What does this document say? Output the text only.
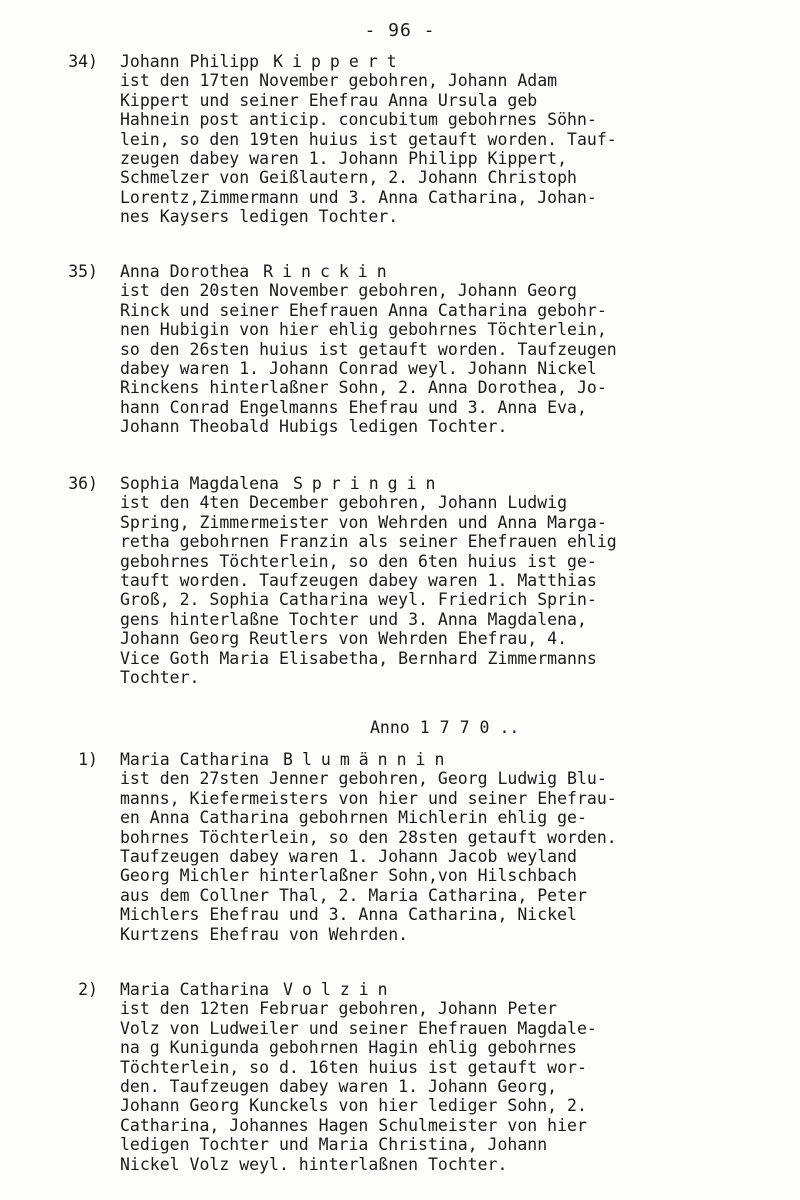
- 96 -
34) Johann Philipp Kippert
ist den 17ten November gebohren, Johann Adam
Kippert und seiner Ehefrau Anna Ursula geb
Hahnein post anticip. concubitum gebohrnes Söhn-
lein, so den 19ten huius ist getauft worden. Tauf-
zeugen dabey waren 1. Johann Philipp Kippert,
Schmelzer von Geißlautern, 2. Johann Christoph
Lorentz,Zimmermann und 3. Anna Catharina, Johan-
nes Kaysers ledigen Tochter.
35) Anna Dorothea Rinckin
ist den 20sten November gebohren, Johann Georg
Rinck und seiner Ehefrauen Anna Catharina gebohr-
nen Hubigin von hier ehlig gebohrnes Töchterlein,
so den 26sten huius ist getauft worden. Taufzeugen
dabey waren 1. Johann Conrad weyl. Johann Nickel
Rinckens hinterlaßner Sohn, 2. Anna Dorothea, Jo-
hann Conrad Engelmanns Ehefrau und 3. Anna Eva,
Johann Theobald Hubigs ledigen Tochter.
36) Sophia Magdalena Springin
ist den 4ten December gebohren, Johann Ludwig
Spring, Zimmermeister von Wehrden und Anna Marga-
retha gebohrnen Franzin als seiner Ehefrauen ehlig
gebohrnes Töchterlein, so den 6ten huius ist ge-
tauft worden. Taufzeugen dabey waren 1. Matthias
Groß, 2. Sophia Catharina weyl. Friedrich Sprin-
gens hinterlaßne Tochter und 3. Anna Magdalena,
Johann Georg Reutlers von Wehrden Ehefrau, 4.
Vice Goth Maria Elisabetha, Bernhard Zimmermanns
Tochter.
Anno 1770..
1) Maria Catharina Blumännin
ist den 27sten Jenner gebohren, Georg Ludwig Blu-
manns, Kiefermeisters von hier und seiner Ehefrau-
en Anna Catharina gebohrnen Michlerin ehlig ge-
bohrnes Töchterlein, so den 28sten getauft worden.
Taufzeugen dabey waren 1. Johann Jacob weyland
Georg Michler hinterlaßner Sohn,von Hilschbach
aus dem Collner Thal, 2. Maria Catharina, Peter
Michlers Ehefrau und 3. Anna Catharina, Nickel
Kurtzens Ehefrau von Wehrden.
2) Maria Catharina Volzin
ist den 12ten Februar gebohren, Johann Peter
Volz von Ludweiler und seiner Ehefrauen Magdale-
na g Kunigunda gebohrnen Hagin ehlig gebohrnes
Töchterlein, so d. 16ten huius ist getauft wor-
den. Taufzeugen dabey waren 1. Johann Georg,
Johann Georg Kunckels von hier lediger Sohn, 2.
Catharina, Johannes Hagen Schulmeister von hier
ledigen Tochter und Maria Christina, Johann
Nickel Volz weyl. hinterlaßnen Tochter.
